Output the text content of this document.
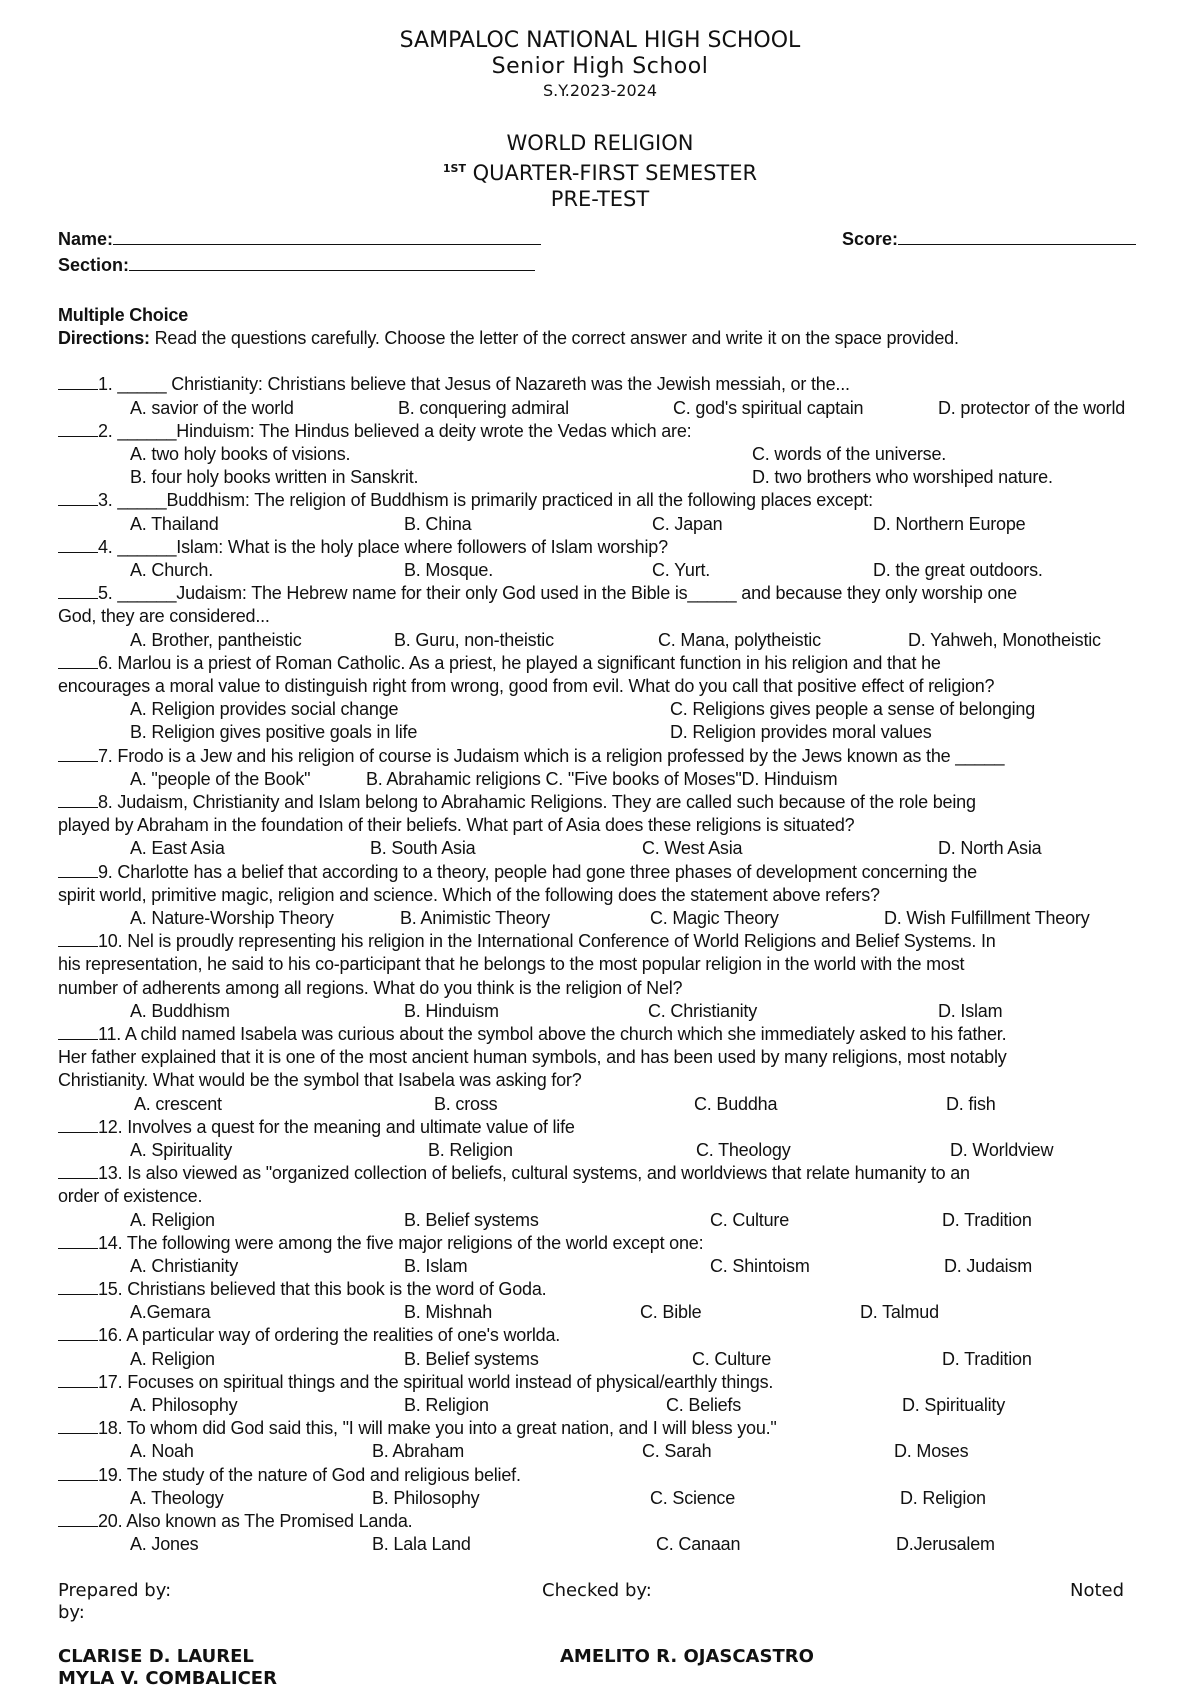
SAMPALOC NATIONAL HIGH SCHOOL
Senior High School
S.Y.2023-2024
WORLD RELIGION
$^{1ST}$ QUARTER-FIRST SEMESTER
PRE-TEST
Name:	Score:
Section:
Multiple Choice
Directions: Read the questions carefully. Choose the letter of the correct answer and write it on the space provided.
1. _____ Christianity: Christians believe that Jesus of Nazareth was the Jewish messiah, or the...
A. savior of the world	B. conquering admiral	C. god's spiritual captain	D. protector of the world
2. ______Hinduism: The Hindus believed a deity wrote the Vedas which are:
A. two holy books of visions.	C. words of the universe.
B. four holy books written in Sanskrit.	D. two brothers who worshiped nature.
3. _____Buddhism: The religion of Buddhism is primarily practiced in all the following places except:
A. Thailand	B. China	C. Japan	D. Northern Europe
4. ______Islam: What is the holy place where followers of Islam worship?
A. Church.	B. Mosque.	C. Yurt.	D. the great outdoors.
5. ______Judaism: The Hebrew name for their only God used in the Bible is_____ and because they only worship one
God, they are considered...
A. Brother, pantheistic	B. Guru, non-theistic	C. Mana, polytheistic	D. Yahweh, Monotheistic
6. Marlou is a priest of Roman Catholic. As a priest, he played a significant function in his religion and that he
encourages a moral value to distinguish right from wrong, good from evil. What do you call that positive effect of religion?
A. Religion provides social change	C. Religions gives people a sense of belonging
B. Religion gives positive goals in life	D. Religion provides moral values
7. Frodo is a Jew and his religion of course is Judaism which is a religion professed by the Jews known as the _____
A. "people of the Book"	B. Abrahamic religions C. "Five books of Moses"D. Hinduism
8. Judaism, Christianity and Islam belong to Abrahamic Religions. They are called such because of the role being
played by Abraham in the foundation of their beliefs. What part of Asia does these religions is situated?
A. East Asia	B. South Asia	C. West Asia	D. North Asia
9. Charlotte has a belief that according to a theory, people had gone three phases of development concerning the
spirit world, primitive magic, religion and science. Which of the following does the statement above refers?
A. Nature-Worship Theory	B. Animistic Theory	C. Magic Theory	D. Wish Fulfillment Theory
10. Nel is proudly representing his religion in the International Conference of World Religions and Belief Systems. In
his representation, he said to his co-participant that he belongs to the most popular religion in the world with the most
number of adherents among all regions. What do you think is the religion of Nel?
A. Buddhism	B. Hinduism	C. Christianity	D. Islam
11. A child named Isabela was curious about the symbol above the church which she immediately asked to his father.
Her father explained that it is one of the most ancient human symbols, and has been used by many religions, most notably
Christianity. What would be the symbol that Isabela was asking for?
A. crescent	B. cross	C. Buddha	D. fish
12. Involves a quest for the meaning and ultimate value of life
A. Spirituality	B. Religion	C. Theology	D. Worldview
13. Is also viewed as "organized collection of beliefs, cultural systems, and worldviews that relate humanity to an
order of existence.
A. Religion	B. Belief systems	C. Culture	D. Tradition
14. The following were among the five major religions of the world except one:
A. Christianity	B. Islam	C. Shintoism	D. Judaism
15. Christians believed that this book is the word of Goda.
A.Gemara	B. Mishnah	C. Bible	D. Talmud
16. A particular way of ordering the realities of one's worlda.
A. Religion	B. Belief systems	C. Culture	D. Tradition
17. Focuses on spiritual things and the spiritual world instead of physical/earthly things.
A. Philosophy	B. Religion	C. Beliefs	D. Spirituality
18. To whom did God said this, "I will make you into a great nation, and I will bless you."
A. Noah	B. Abraham	C. Sarah	D. Moses
19. The study of the nature of God and religious belief.
A. Theology	B. Philosophy	C. Science	D. Religion
20. Also known as The Promised Landa.
A. Jones	B. Lala Land	C. Canaan	D.Jerusalem
Prepared by:	Checked by:	Noted
by:
CLARISE D. LAUREL
MYLA V. COMBALICER
AMELITO R. OJASCASTRO
